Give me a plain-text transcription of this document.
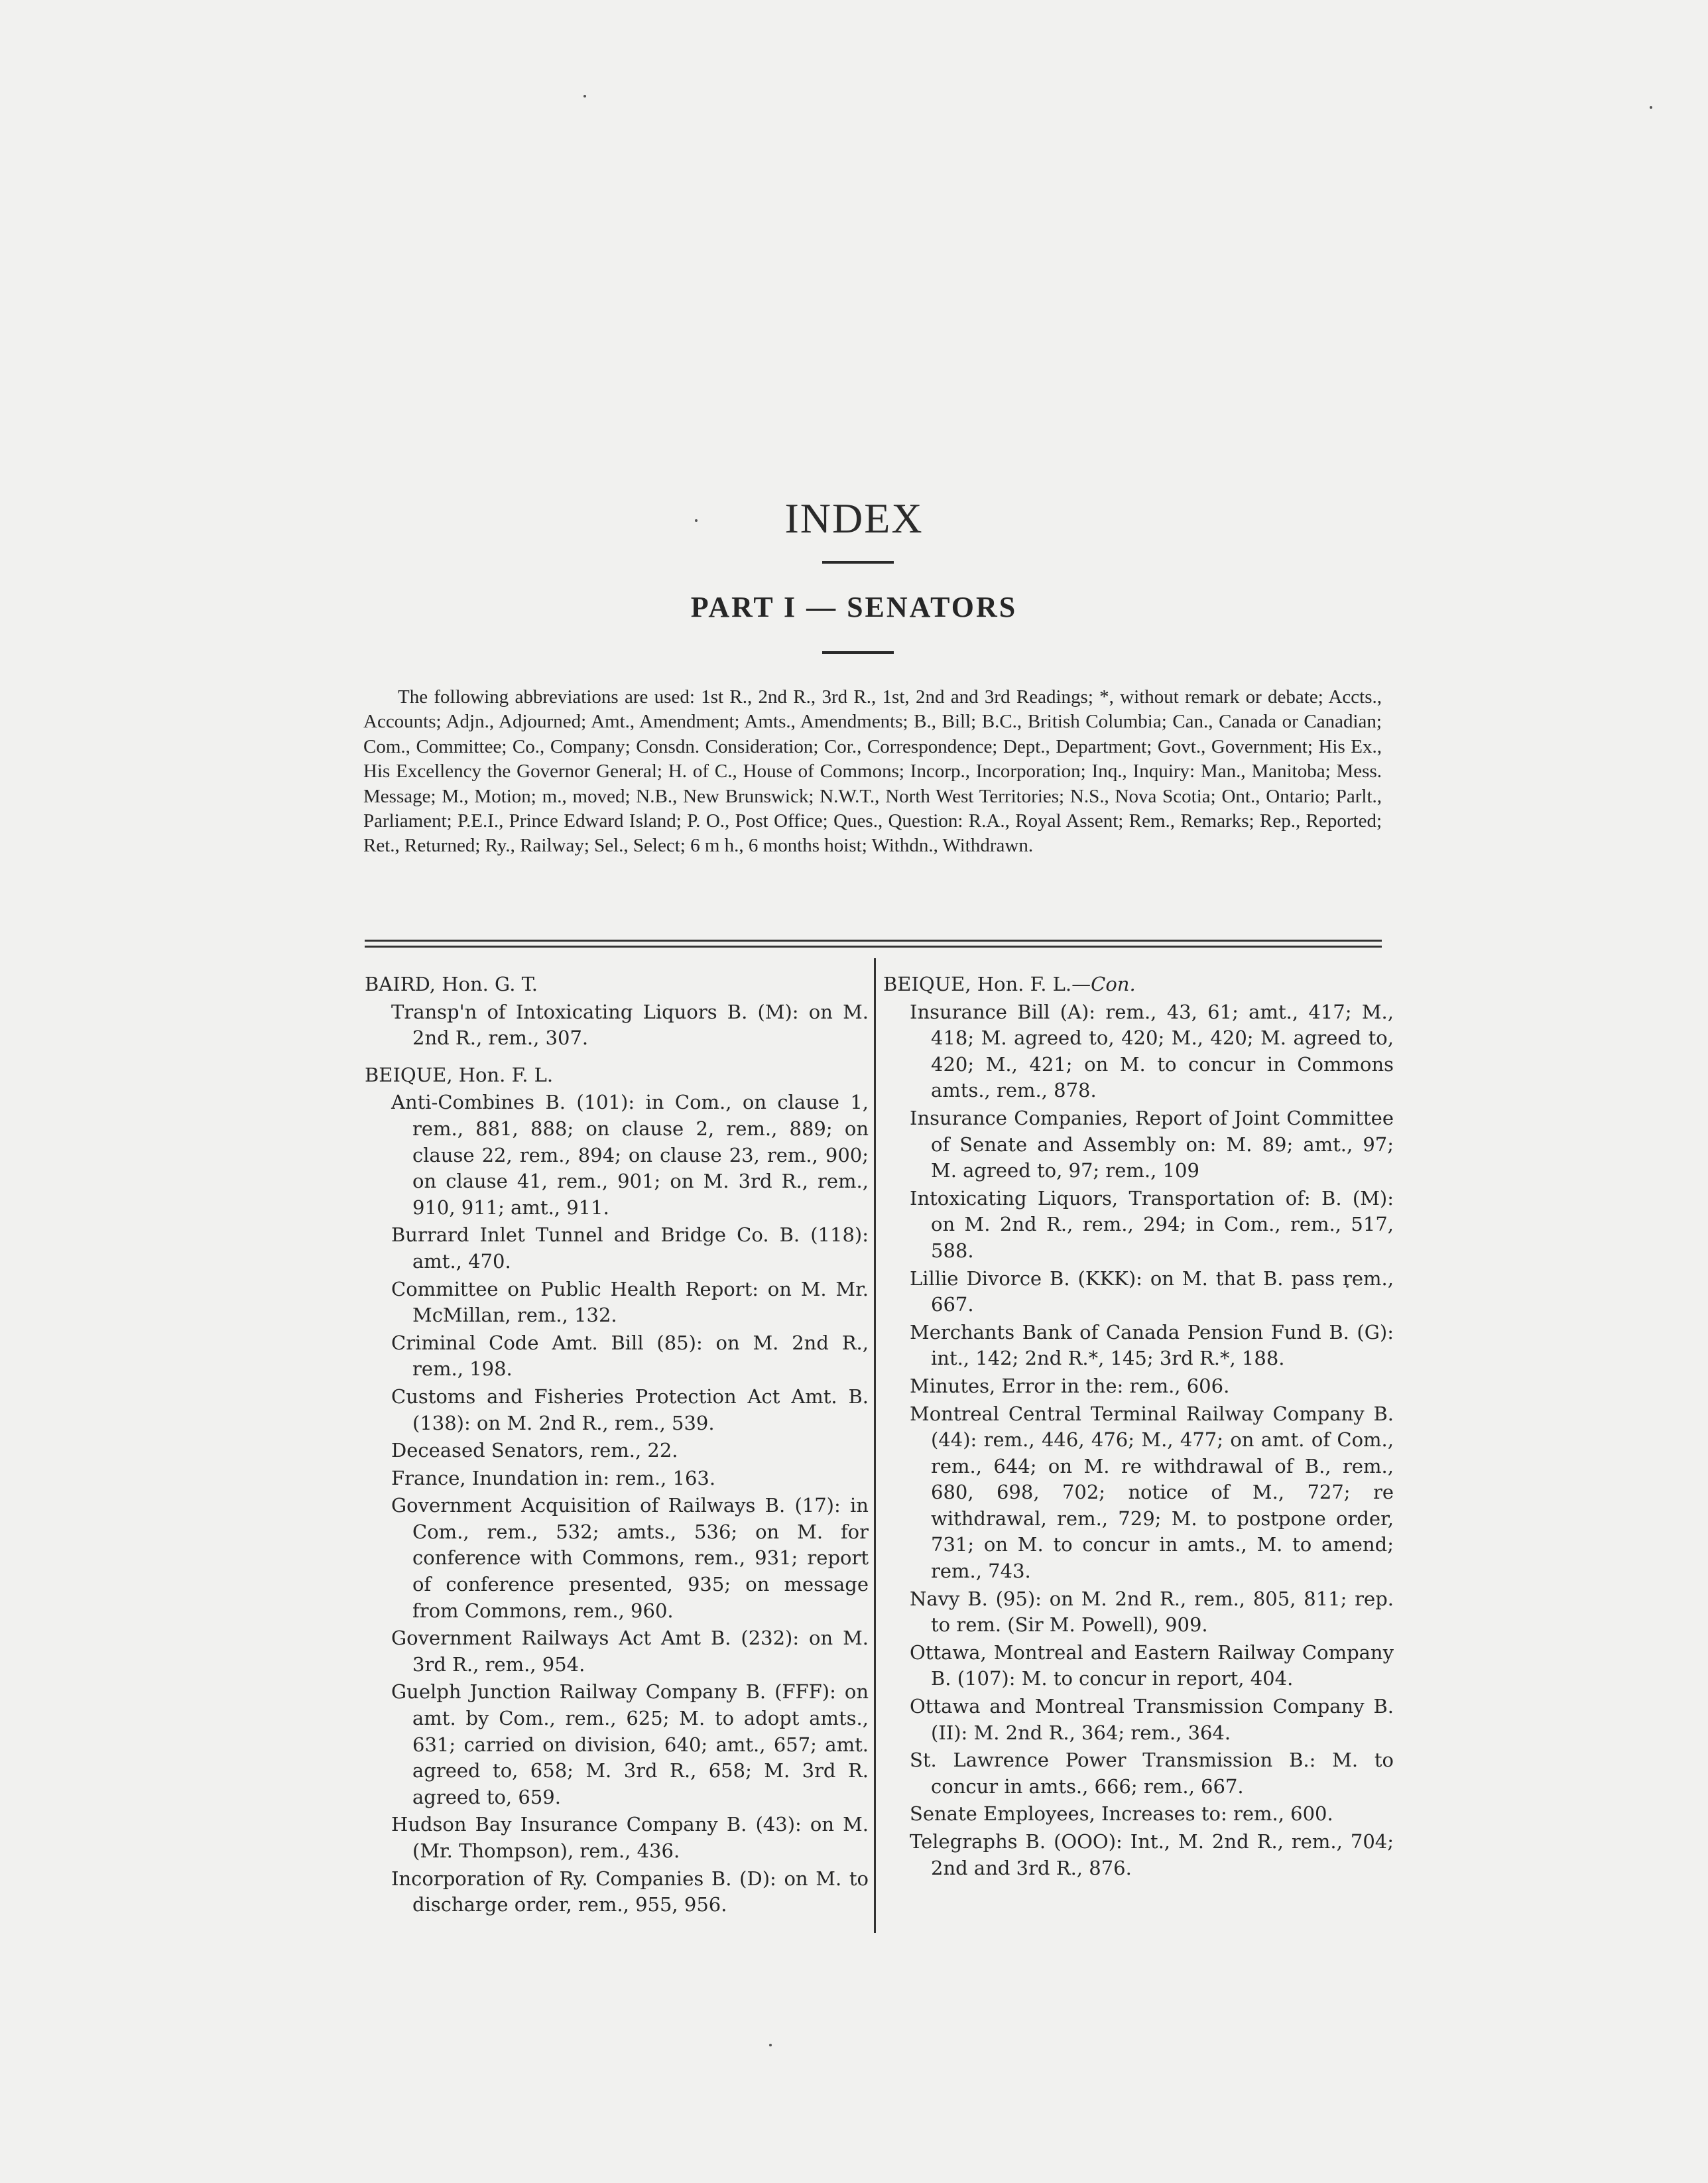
INDEX
PART I — SENATORS

The following abbreviations are used: 1st R., 2nd R., 3rd R., 1st, 2nd and 3rd Readings; *, without remark or debate; Accts., Accounts; Adjn., Adjourned; Amt., Amendment; Amts., Amendments; B., Bill; B.C., British Columbia; Can., Canada or Canadian; Com., Committee; Co., Company; Consdn. Consideration; Cor., Correspondence; Dept., Department; Govt., Government; His Ex., His Excellency the Governor General; H. of C., House of Commons; Incorp., Incorporation; Inq., Inquiry: Man., Manitoba; Mess. Message; M., Motion; m., moved; N.B., New Brunswick; N.W.T., North West Territories; N.S., Nova Scotia; Ont., Ontario; Parlt., Parliament; P.E.I., Prince Edward Island; P. O., Post Office; Ques., Question: R.A., Royal Assent; Rem., Remarks; Rep., Reported; Ret., Returned; Ry., Railway; Sel., Select; 6 m h., 6 months hoist; Withdn., Withdrawn.

BAIRD, Hon. G. T.

Transp'n of Intoxicating Liquors B. (M): on M. 2nd R., rem., 307.

BEIQUE, Hon. F. L.

Anti-Combines B. (101): in Com., on clause 1, rem., 881, 888; on clause 2, rem., 889; on clause 22, rem., 894; on clause 23, rem., 900; on clause 41, rem., 901; on M. 3rd R., rem., 910, 911; amt., 911.

Burrard Inlet Tunnel and Bridge Co. B. (118): amt., 470.

Committee on Public Health Report: on M. Mr. McMillan, rem., 132.

Criminal Code Amt. Bill (85): on M. 2nd R., rem., 198.

Customs and Fisheries Protection Act Amt. B. (138): on M. 2nd R., rem., 539.

Deceased Senators, rem., 22.

France, Inundation in: rem., 163.

Government Acquisition of Railways B. (17): in Com., rem., 532; amts., 536; on M. for conference with Commons, rem., 931; report of conference presented, 935; on message from Commons, rem., 960.

Government Railways Act Amt B. (232): on M. 3rd R., rem., 954.

Guelph Junction Railway Company B. (FFF): on amt. by Com., rem., 625; M. to adopt amts., 631; carried on division, 640; amt., 657; amt. agreed to, 658; M. 3rd R., 658; M. 3rd R. agreed to, 659.

Hudson Bay Insurance Company B. (43): on M. (Mr. Thompson), rem., 436.

Incorporation of Ry. Companies B. (D): on M. to discharge order, rem., 955, 956.

BEIQUE, Hon. F. L.—Con.

Insurance Bill (A): rem., 43, 61; amt., 417; M., 418; M. agreed to, 420; M., 420; M. agreed to, 420; M., 421; on M. to concur in Commons amts., rem., 878.

Insurance Companies, Report of Joint Committee of Senate and Assembly on: M. 89; amt., 97; M. agreed to, 97; rem., 109

Intoxicating Liquors, Transportation of: B. (M): on M. 2nd R., rem., 294; in Com., rem., 517, 588.

Lillie Divorce B. (KKK): on M. that B. pass rem., 667.

Merchants Bank of Canada Pension Fund B. (G): int., 142; 2nd R.*, 145; 3rd R.*, 188.

Minutes, Error in the: rem., 606.

Montreal Central Terminal Railway Company B. (44): rem., 446, 476; M., 477; on amt. of Com., rem., 644; on M. re withdrawal of B., rem., 680, 698, 702; notice of M., 727; re withdrawal, rem., 729; M. to postpone order, 731; on M. to concur in amts., M. to amend; rem., 743.

Navy B. (95): on M. 2nd R., rem., 805, 811; rep. to rem. (Sir M. Powell), 909.

Ottawa, Montreal and Eastern Railway Company B. (107): M. to concur in report, 404.

Ottawa and Montreal Transmission Company B. (II): M. 2nd R., 364; rem., 364.

St. Lawrence Power Transmission B.: M. to concur in amts., 666; rem., 667.

Senate Employees, Increases to: rem., 600.

Telegraphs B. (OOO): Int., M. 2nd R., rem., 704; 2nd and 3rd R., 876.
